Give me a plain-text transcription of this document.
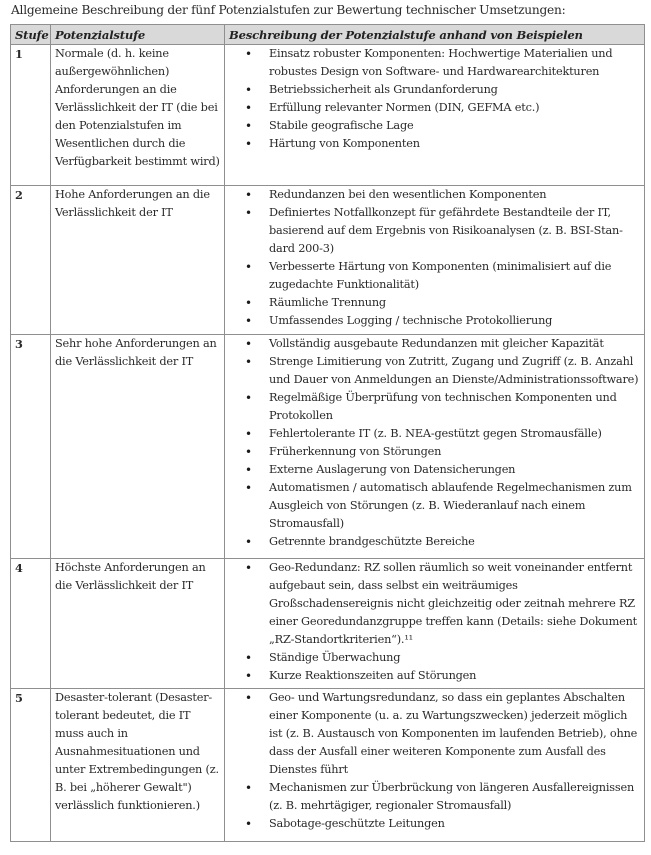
Allgemeine Beschreibung der fünf Potenzialstufen zur Bewertung technischer Umsetzungen:
Stufe	Potenzialstufe	Beschreibung der Potenzialstufe anhand von Beispielen
1	Normale (d. h. keine außergewöhnlichen) Anforderungen an die Verlässlichkeit der IT (die bei den Potenzialstufen im Wesentlichen durch die Verfügbarkeit bestimmt wird)	
• Einsatz robuster Komponenten: Hochwertige Materialien und robustes Design von Software- und Hardwarearchitekturen
• Betriebssicherheit als Grundanforderung
• Erfüllung relevanter Normen (DIN, GEFMA etc.)
• Stabile geografische Lage
• Härtung von Komponenten

2	Hohe Anforderungen an die Verlässlichkeit der IT	
• Redundanzen bei den wesentlichen Komponenten
• Definiertes Notfallkonzept für gefährdete Bestandteile der IT, basierend auf dem Ergebnis von Risikoanalysen (z. B. BSI-Stan-dard 200-3)
• Verbesserte Härtung von Komponenten (minimalisiert auf die zugedachte Funktionalität)
• Räumliche Trennung
• Umfassendes Logging / technische Protokollierung

3	Sehr hohe Anforderungen an die Verlässlichkeit der IT	
• Vollständig ausgebaute Redundanzen mit gleicher Kapazität
• Strenge Limitierung von Zutritt, Zugang und Zugriff (z. B. Anzahl und Dauer von Anmeldungen an Dienste/Administrationssoftware)
• Regelmäßige Überprüfung von technischen Komponenten und Protokollen
• Fehlertolerante IT (z. B. NEA-gestützt gegen Stromausfälle)
• Früherkennung von Störungen
• Externe Auslagerung von Datensicherungen
• Automatismen / automatisch ablaufende Regelmechanismen zum Ausgleich von Störungen (z. B. Wiederanlauf nach einem Stromausfall)
• Getrennte brandgeschützte Bereiche

4	Höchste Anforderungen an die Verlässlichkeit der IT	
• Geo-Redundanz: RZ sollen räumlich so weit voneinander entfernt aufgebaut sein, dass selbst ein weiträumiges Großschadensereignis nicht gleichzeitig oder zeitnah mehrere RZ einer Georedundanzgruppe treffen kann (Details: siehe Dokument „RZ-Standortkriterien“).¹¹
• Ständige Überwachung
• Kurze Reaktionszeiten auf Störungen

5	Desaster-tolerant (Desaster-tolerant bedeutet, die IT muss auch in Ausnahmesituationen und unter Extrembedingungen (z. B. bei „höherer Gewalt") verlässlich funktionieren.)	
• Geo- und Wartungsredundanz, so dass ein geplantes Abschalten einer Komponente (u. a. zu Wartungszwecken) jederzeit möglich ist (z. B. Austausch von Komponenten im laufenden Betrieb), ohne dass der Ausfall einer weiteren Komponente zum Ausfall des Dienstes führt
• Mechanismen zur Überbrückung von längeren Ausfallereignissen (z. B. mehrtägiger, regionaler Stromausfall)
• Sabotage-geschützte Leitungen
